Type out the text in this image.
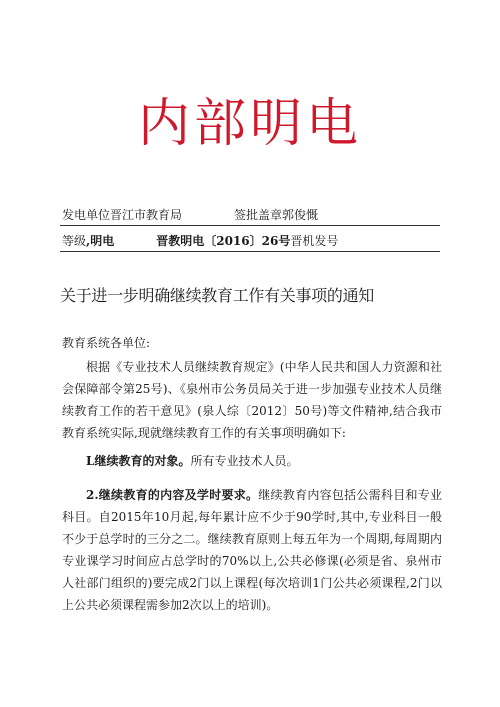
内部明电
发电单位晋江市教育局	签批盖章郭俊慨
等级,明电	晋教明电〔2016〕26号晋机发号
关于进一步明确继续教育工作有关事项的通知
教育系统各单位:

根据《专业技术人员继续教育规定》(中华人民共和国人力资源和社会保障部令第25号)、《泉州市公务员局关于进一步加强专业技术人员继续教育工作的若干意见》(泉人综〔2012〕50号)等文件精神,结合我市教育系统实际,现就继续教育工作的有关事项明确如下:

L继续教育的对象。所有专业技术人员。

2.继续教育的内容及学时要求。继续教育内容包括公需科目和专业科目。自2015年10月起,每年累计应不少于90学时,其中,专业科目一般不少于总学时的三分之二。继续教育原则上每五年为一个周期,每周期内专业课学习时间应占总学时的70%以上,公共必修课(必须是省、泉州市人社部门组织的)要完成2门以上课程(每次培训1门公共必须课程,2门以上公共必须课程需参加2次以上的培训)。
